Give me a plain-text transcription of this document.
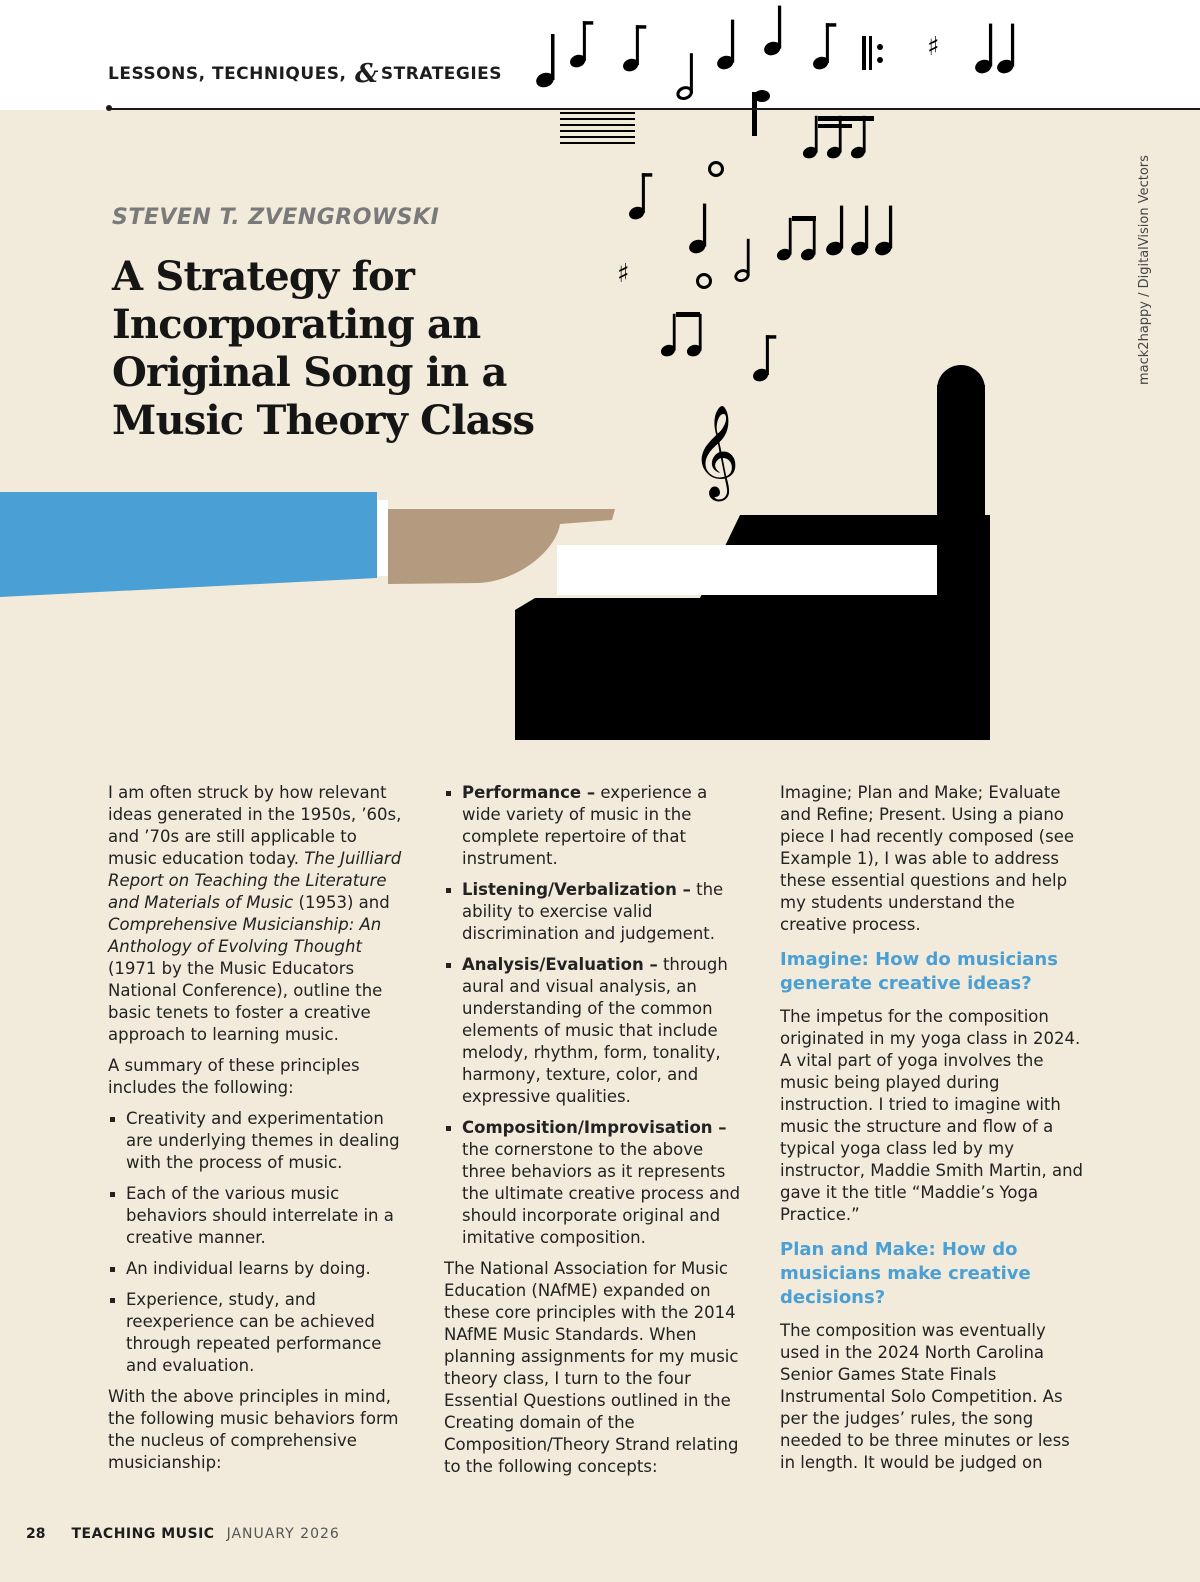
♯
♯
𝄞
LESSONS, TECHNIQUES, & STRATEGIES
mack2happy / DigitalVision Vectors
STEVEN T. ZVENGROWSKI
A Strategy for Incorporating an Original Song in a Music Theory Class

I am often struck by how relevant ideas generated in the 1950s, ’60s, and ’70s are still applicable to music education today. The Juilliard Report on Teaching the Literature and Materials of Music (1953) and Comprehensive Musicianship: An Anthology of Evolving Thought (1971 by the Music Educators National Conference), outline the basic tenets to foster a creative approach to learning music.

A summary of these principles includes the following:

Creativity and experimentation are underlying themes in dealing with the process of music.
Each of the various music behaviors should interrelate in a creative manner.
An individual learns by doing.
Experience, study, and reexperience can be achieved through repeated performance and evaluation.

With the above principles in mind, the following music behaviors form the nucleus of comprehensive musicianship:

Performance – experience a wide variety of music in the complete repertoire of that instrument.
Listening/Verbalization – the ability to exercise valid discrimination and judgement.
Analysis/Evaluation – through aural and visual analysis, an understanding of the common elements of music that include melody, rhythm, form, tonality, harmony, texture, color, and expressive qualities.
Composition/Improvisation – the cornerstone to the above three behaviors as it represents the ultimate creative process and should incorporate original and imitative composition.

The National Association for Music Education (NAfME) expanded on these core principles with the 2014 NAfME Music Standards. When planning assignments for my music theory class, I turn to the four Essential Questions outlined in the Creating domain of the Composition/Theory Strand relating to the following concepts:

Imagine; Plan and Make; Evaluate and Refine; Present. Using a piano piece I had recently composed (see Example 1), I was able to address these essential questions and help my students understand the creative process.

Imagine: How do musicians generate creative ideas?

The impetus for the composition originated in my yoga class in 2024. A vital part of yoga involves the music being played during instruction. I tried to imagine with music the structure and flow of a typical yoga class led by my instructor, Maddie Smith Martin, and gave it the title “Maddie’s Yoga Practice.”

Plan and Make: How do musicians make creative decisions?

The composition was eventually used in the 2024 North Carolina Senior Games State Finals Instrumental Solo Competition. As per the judges’ rules, the song needed to be three minutes or less in length. It would be judged on

28 TEACHING MUSIC JANUARY 2026
